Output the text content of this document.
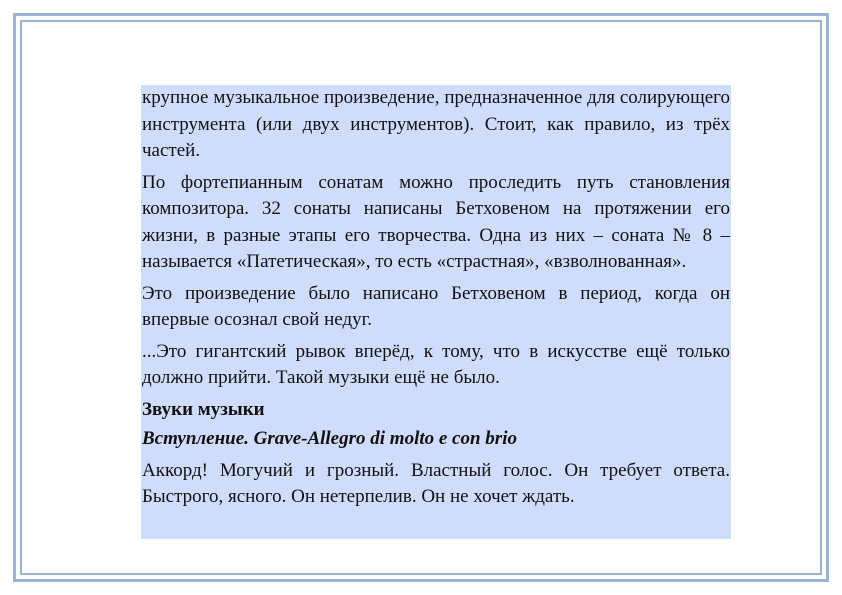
крупное музыкальное произведение, предназначенное для солирующего инструмента (или двух инструментов). Стоит, как правило, из трёх частей.

По фортепианным сонатам можно проследить путь становления композитора. 32 сонаты написаны Бетховеном на протяжении его жизни, в разные этапы его творчества. Одна из них – соната № 8 – называется «Патетическая», то есть «страстная», «взволнованная».

Это произведение было написано Бетховеном в период, когда он впервые осознал свой недуг.

...Это гигантский рывок вперёд, к тому, что в искусстве ещё только должно прийти. Такой музыки ещё не было.

Звуки музыки

Вступление. Grave-Allegro di molto e con brio

Аккорд! Могучий и грозный. Властный голос. Он требует ответа. Быстрого, ясного. Он нетерпелив. Он не хочет ждать.
